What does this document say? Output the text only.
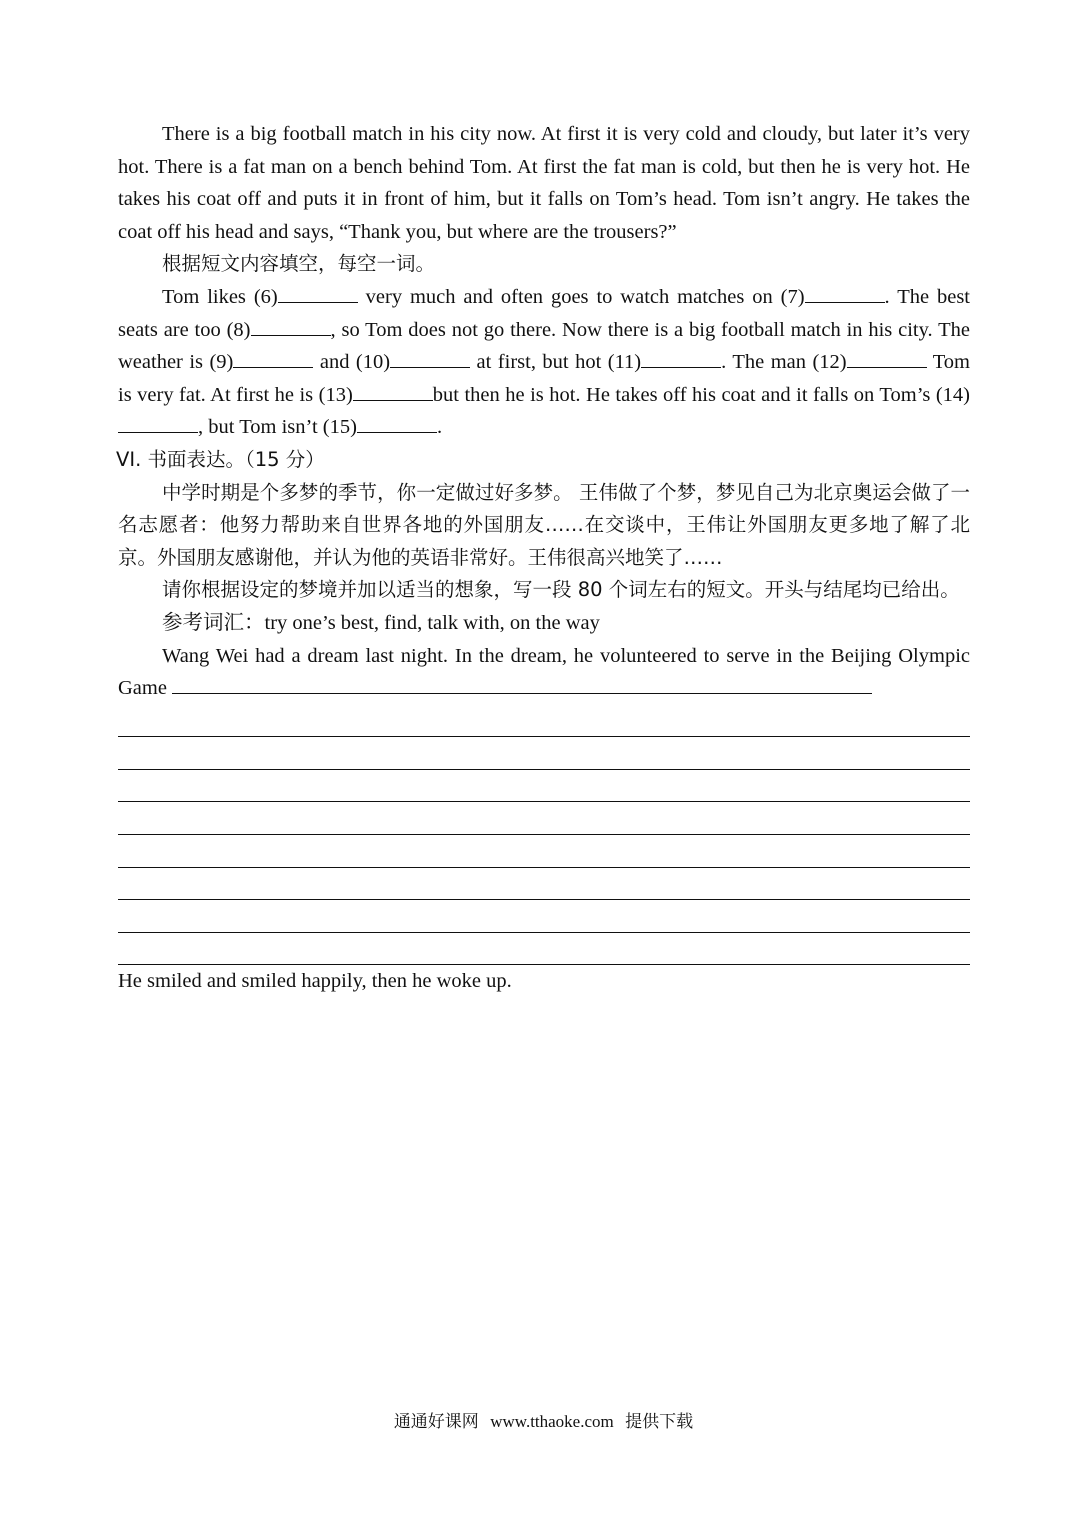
There is a big football match in his city now. At first it is very cold and cloudy, but later it’s very hot. There is a fat man on a bench behind Tom. At first the fat man is cold, but then he is very hot. He takes his coat off and puts it in front of him, but it falls on Tom’s head. Tom isn’t angry. He takes the coat off his head and says, “Thank you, but where are the trousers?”

根据短文内容填空，每空一词。

Tom likes (6)	very much and often goes to watch matches on (7)	. The best seats are too (8)	, so Tom does not go there. Now there is a big football match in his city. The weather is (9)	and (10)	at first, but hot (11)	. The man (12)	Tom is very fat. At first he is (13)	but then he is hot. He takes off his coat and it falls on Tom’s (14), but Tom isn’t (15)	.

VI. 书面表达。（15 分）

中学时期是个多梦的季节，你一定做过好多梦。 王伟做了个梦，梦见自己为北京奥运会做了一名志愿者：他努力帮助来自世界各地的外国朋友……在交谈中，王伟让外国朋友更多地了解了北京。外国朋友感谢他，并认为他的英语非常好。王伟很高兴地笑了……

请你根据设定的梦境并加以适当的想象，写一段 80 个词左右的短文。开头与结尾均已给出。

参考词汇：try one’s best, find, talk with, on the way

Wang Wei had a dream last night. In the dream, he volunteered to serve in the Beijing Olympic Game

He smiled and smiled happily, then he woke up.

通通好课网 www.tthaoke.com 提供下载
